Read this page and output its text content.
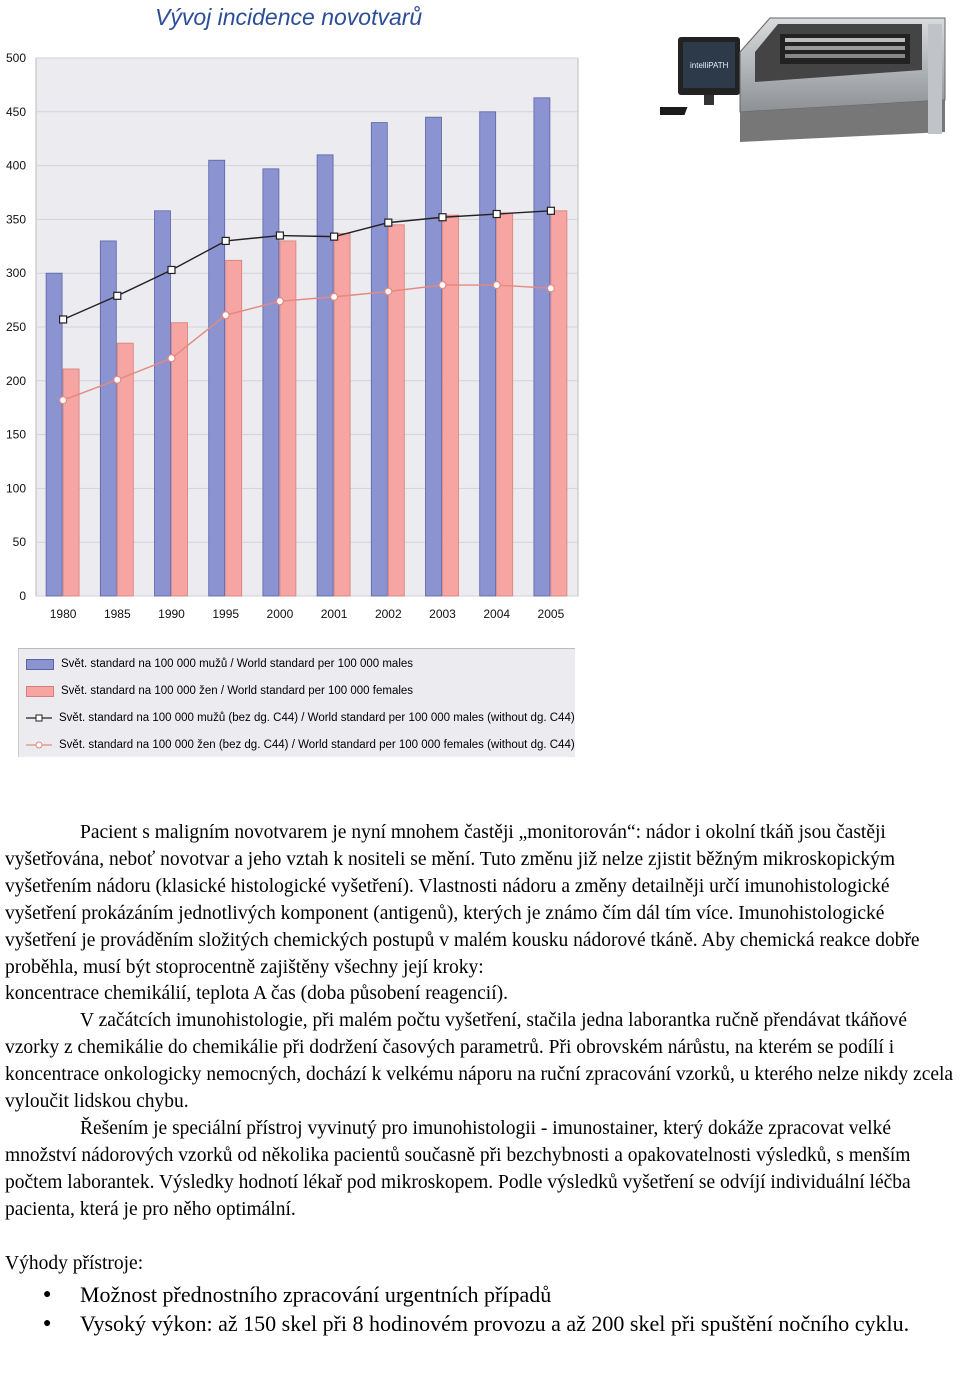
Vývoj incidence novotvarů
0
50
100
150
200
250
300
350
400
450
500
1980 1985 1990 1995 2000 2001 2002 2003 2004 2005
intelliPATH
Svět. standard na 100 000 mužů / World standard per 100 000 males
Svět. standard na 100 000 žen / World standard per 100 000 females
Svět. standard na 100 000 mužů (bez dg. C44) / World standard per 100 000 males (without dg. C44)
Svět. standard na 100 000 žen (bez dg. C44) / World standard per 100 000 females (without dg. C44)

Pacient s maligním novotvarem je nyní mnohem častěji „monitorován“: nádor i okolní tkáň jsou častěji vyšetřována, neboť novotvar a jeho vztah k nositeli se mění. Tuto změnu již nelze zjistit běžným mikroskopickým vyšetřením nádoru (klasické histologické vyšetření). Vlastnosti nádoru a změny detailněji určí imunohistologické vyšetření prokázáním jednotlivých komponent (antigenů), kterých je známo čím dál tím více. Imunohistologické vyšetření je prováděním složitých chemických postupů v malém kousku nádorové tkáně. Aby chemická reakce dobře proběhla, musí být stoprocentně zajištěny všechny její kroky:

koncentrace chemikálií, teplota A čas (doba působení reagencií).

V začátcích imunohistologie, při malém počtu vyšetření, stačila jedna laborantka ručně přendávat tkáňové vzorky z chemikálie do chemikálie při dodržení časových parametrů. Při obrovském nárůstu, na kterém se podílí i koncentrace onkologicky nemocných, dochází k velkému náporu na ruční zpracování vzorků, u kterého nelze nikdy zcela vyloučit lidskou chybu.

Řešením je speciální přístroj vyvinutý pro imunohistologii - imunostainer, který dokáže zpracovat velké množství nádorových vzorků od několika pacientů současně při bezchybnosti a opakovatelnosti výsledků, s menším počtem laborantek. Výsledky hodnotí lékař pod mikroskopem. Podle výsledků vyšetření se odvíjí individuální léčba pacienta, která je pro něho optimální.

Výhody přístroje:

● Možnost přednostního zpracování urgentních případů
● Vysoký výkon: až 150 skel při 8 hodinovém provozu a až 200 skel při spuštění nočního cyklu.
